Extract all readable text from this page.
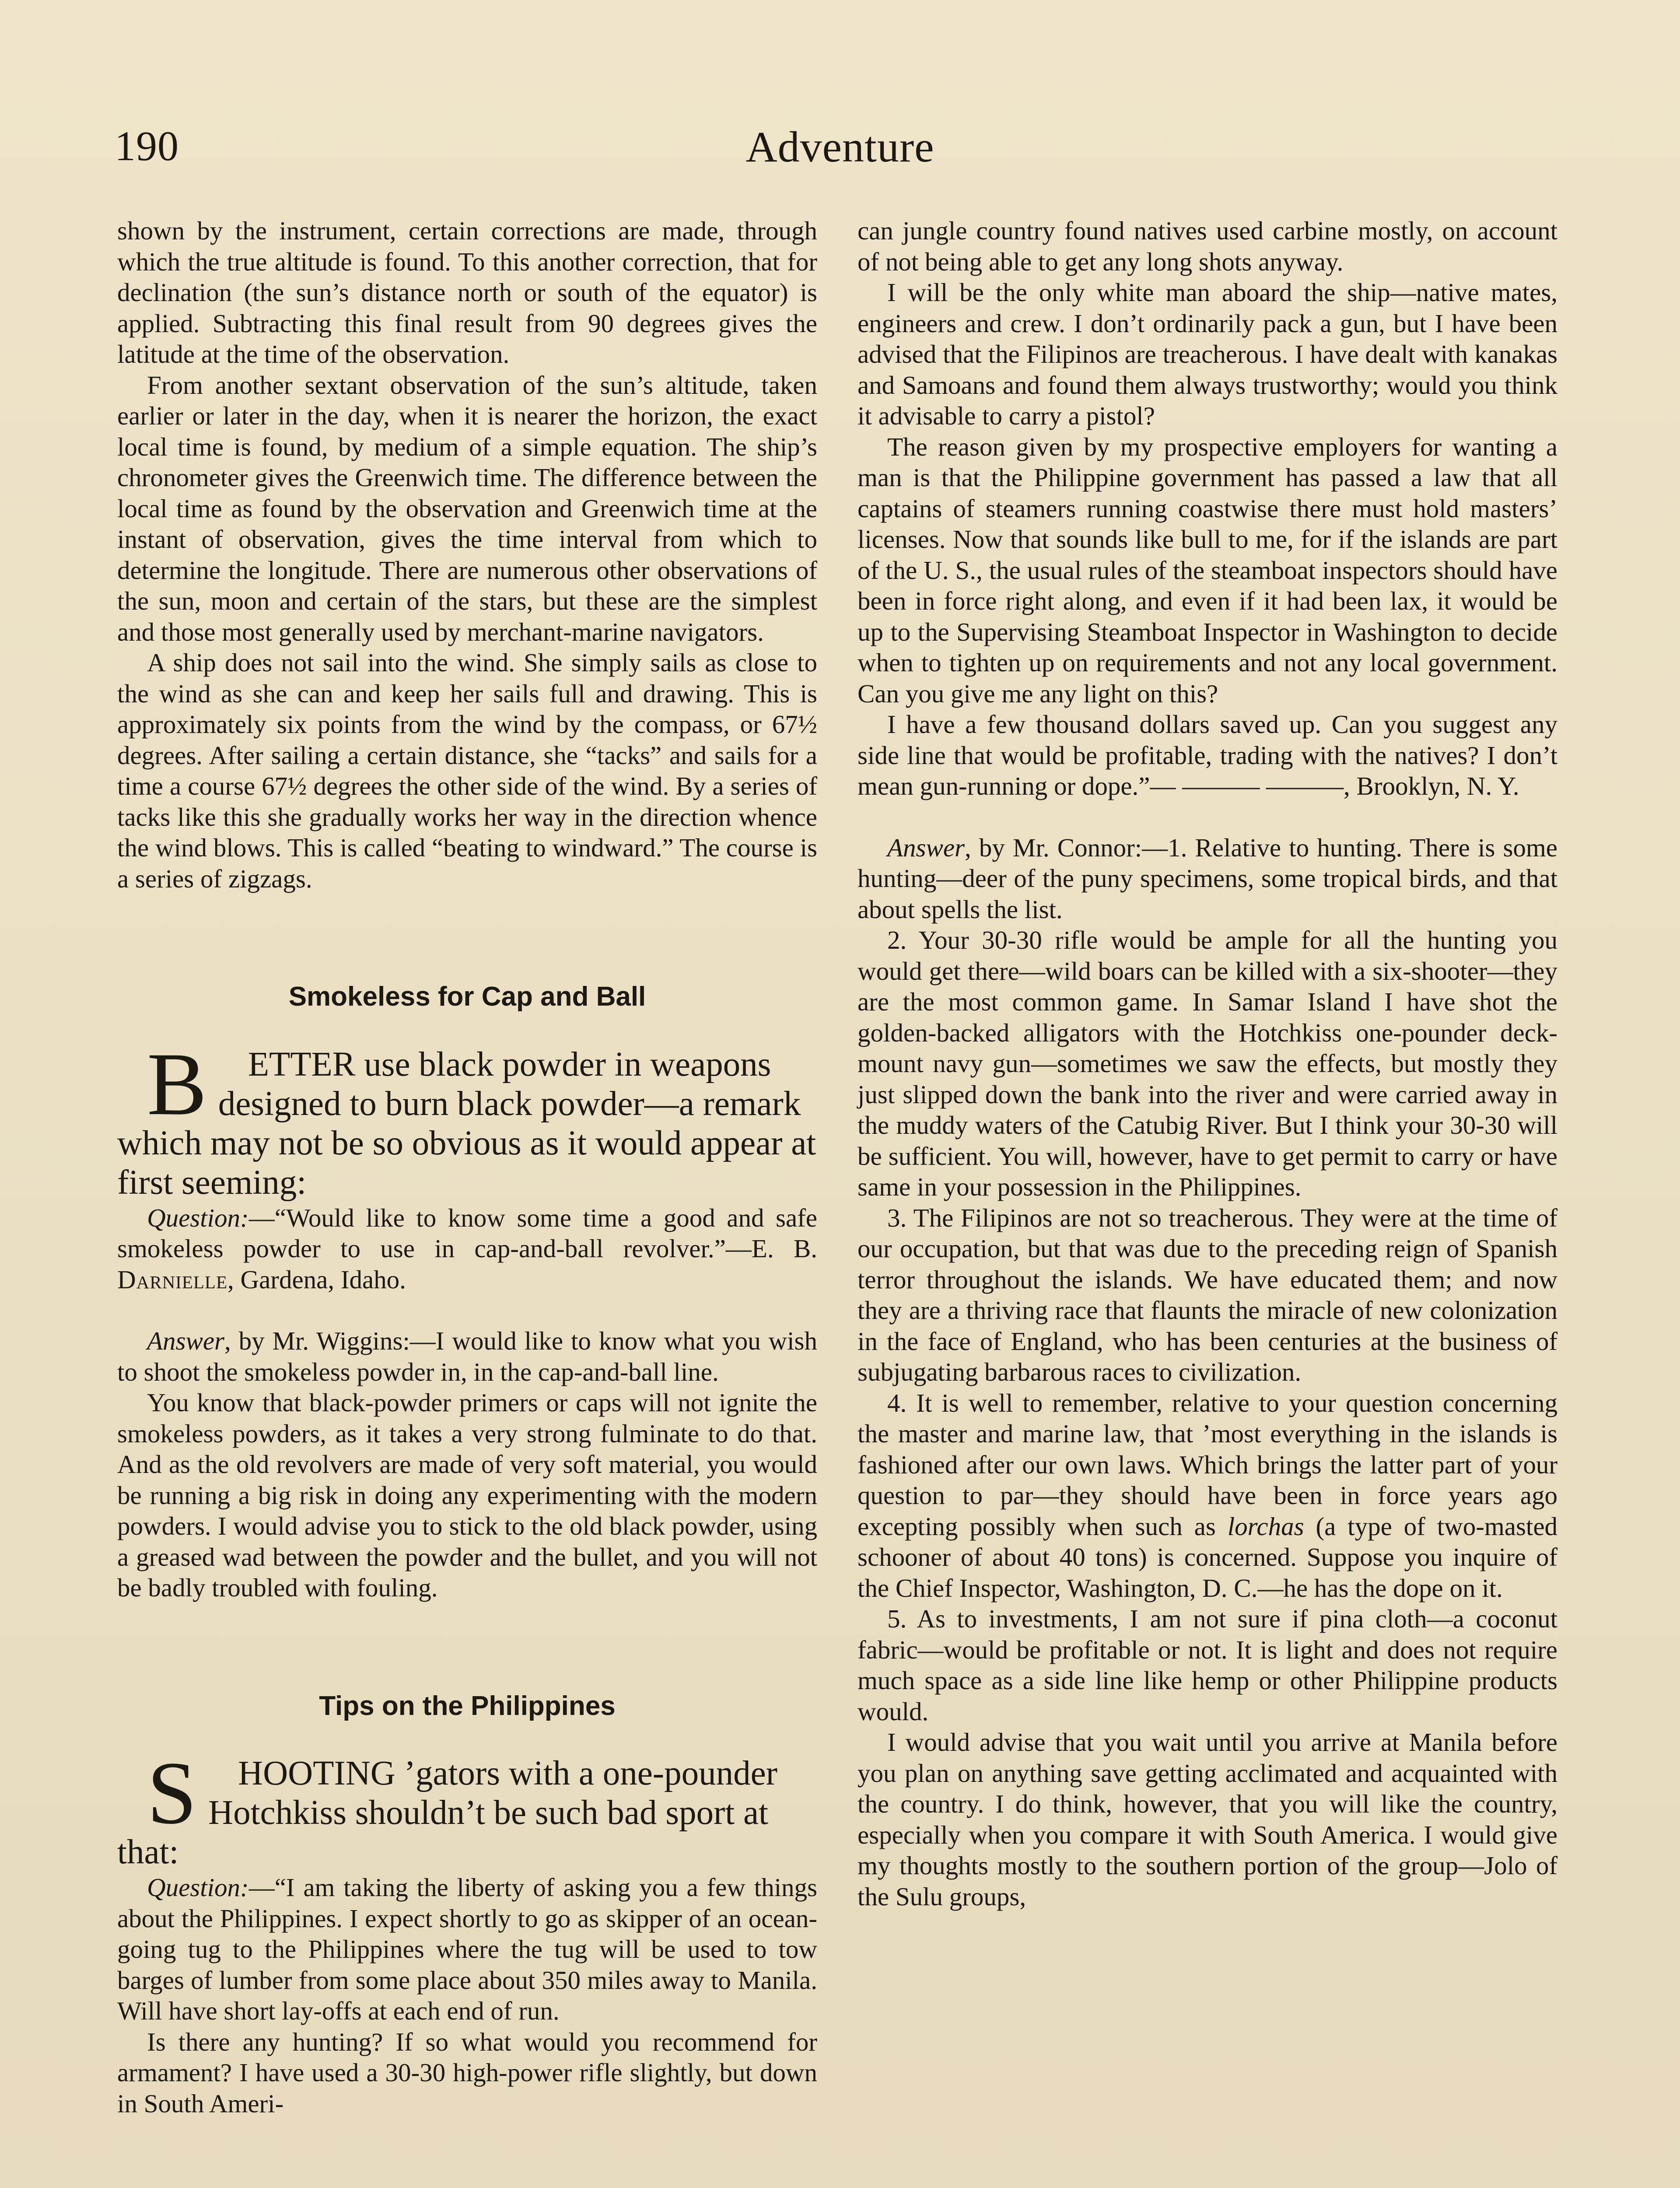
190	Adventure

shown by the instrument, certain corrections are made, through which the true altitude is found. To this another correction, that for declination (the sun’s distance north or south of the equator) is applied. Subtracting this final result from 90 degrees gives the latitude at the time of the observation.

From another sextant observation of the sun’s altitude, taken earlier or later in the day, when it is nearer the horizon, the exact local time is found, by medium of a simple equation. The ship’s chronometer gives the Greenwich time. The difference between the local time as found by the observation and Greenwich time at the instant of observation, gives the time interval from which to determine the longitude. There are numerous other observations of the sun, moon and certain of the stars, but these are the simplest and those most generally used by merchant-marine navigators.

A ship does not sail into the wind. She simply sails as close to the wind as she can and keep her sails full and drawing. This is approximately six points from the wind by the compass, or 67½ degrees. After sailing a certain distance, she “tacks” and sails for a time a course 67½ degrees the other side of the wind. By a series of tacks like this she gradually works her way in the direction whence the wind blows. This is called “beating to windward.” The course is a series of zigzags.

Smokeless for Cap and Ball

B ETTER use black powder in weapons designed to burn black powder—a remark which may not be so obvious as it would appear at first seeming:

Question:—“Would like to know some time a good and safe smokeless powder to use in cap-and-ball revolver.”—E. B. Darnielle, Gardena, Idaho.

Answer, by Mr. Wiggins:—I would like to know what you wish to shoot the smokeless powder in, in the cap-and-ball line.

You know that black-powder primers or caps will not ignite the smokeless powders, as it takes a very strong fulminate to do that. And as the old revolvers are made of very soft material, you would be running a big risk in doing any experimenting with the modern powders. I would advise you to stick to the old black powder, using a greased wad between the powder and the bullet, and you will not be badly troubled with fouling.

Tips on the Philippines

S HOOTING ’gators with a one-pounder Hotchkiss shouldn’t be such bad sport at that:

Question:—“I am taking the liberty of asking you a few things about the Philippines. I expect shortly to go as skipper of an ocean-going tug to the Philippines where the tug will be used to tow barges of lumber from some place about 350 miles away to Manila. Will have short lay-offs at each end of run.

Is there any hunting? If so what would you recommend for armament? I have used a 30-30 high-power rifle slightly, but down in South Ameri-

can jungle country found natives used carbine mostly, on account of not being able to get any long shots anyway.

I will be the only white man aboard the ship—native mates, engineers and crew. I don’t ordinarily pack a gun, but I have been advised that the Filipinos are treacherous. I have dealt with kanakas and Samoans and found them always trustworthy; would you think it advisable to carry a pistol?

The reason given by my prospective employers for wanting a man is that the Philippine government has passed a law that all captains of steamers running coastwise there must hold masters’ licenses. Now that sounds like bull to me, for if the islands are part of the U. S., the usual rules of the steamboat inspectors should have been in force right along, and even if it had been lax, it would be up to the Supervising Steamboat Inspector in Washington to decide when to tighten up on requirements and not any local government. Can you give me any light on this?

I have a few thousand dollars saved up. Can you suggest any side line that would be profitable, trading with the natives? I don’t mean gun-running or dope.”— ——— ———, Brooklyn, N. Y.

Answer, by Mr. Connor:—1. Relative to hunting. There is some hunting—deer of the puny specimens, some tropical birds, and that about spells the list.

2. Your 30-30 rifle would be ample for all the hunting you would get there—wild boars can be killed with a six-shooter—they are the most common game. In Samar Island I have shot the golden-backed alligators with the Hotchkiss one-pounder deck-mount navy gun—sometimes we saw the effects, but mostly they just slipped down the bank into the river and were carried away in the muddy waters of the Catubig River. But I think your 30-30 will be sufficient. You will, however, have to get permit to carry or have same in your possession in the Philippines.

3. The Filipinos are not so treacherous. They were at the time of our occupation, but that was due to the preceding reign of Spanish terror throughout the islands. We have educated them; and now they are a thriving race that flaunts the miracle of new colonization in the face of England, who has been centuries at the business of subjugating barbarous races to civilization.

4. It is well to remember, relative to your question concerning the master and marine law, that ’most everything in the islands is fashioned after our own laws. Which brings the latter part of your question to par—they should have been in force years ago excepting possibly when such as lorchas (a type of two-masted schooner of about 40 tons) is concerned. Suppose you inquire of the Chief Inspector, Washington, D. C.—he has the dope on it.

5. As to investments, I am not sure if pina cloth—a coconut fabric—would be profitable or not. It is light and does not require much space as a side line like hemp or other Philippine products would.

I would advise that you wait until you arrive at Manila before you plan on anything save getting acclimated and acquainted with the country. I do think, however, that you will like the country, especially when you compare it with South America. I would give my thoughts mostly to the southern portion of the group—Jolo of the Sulu groups,
